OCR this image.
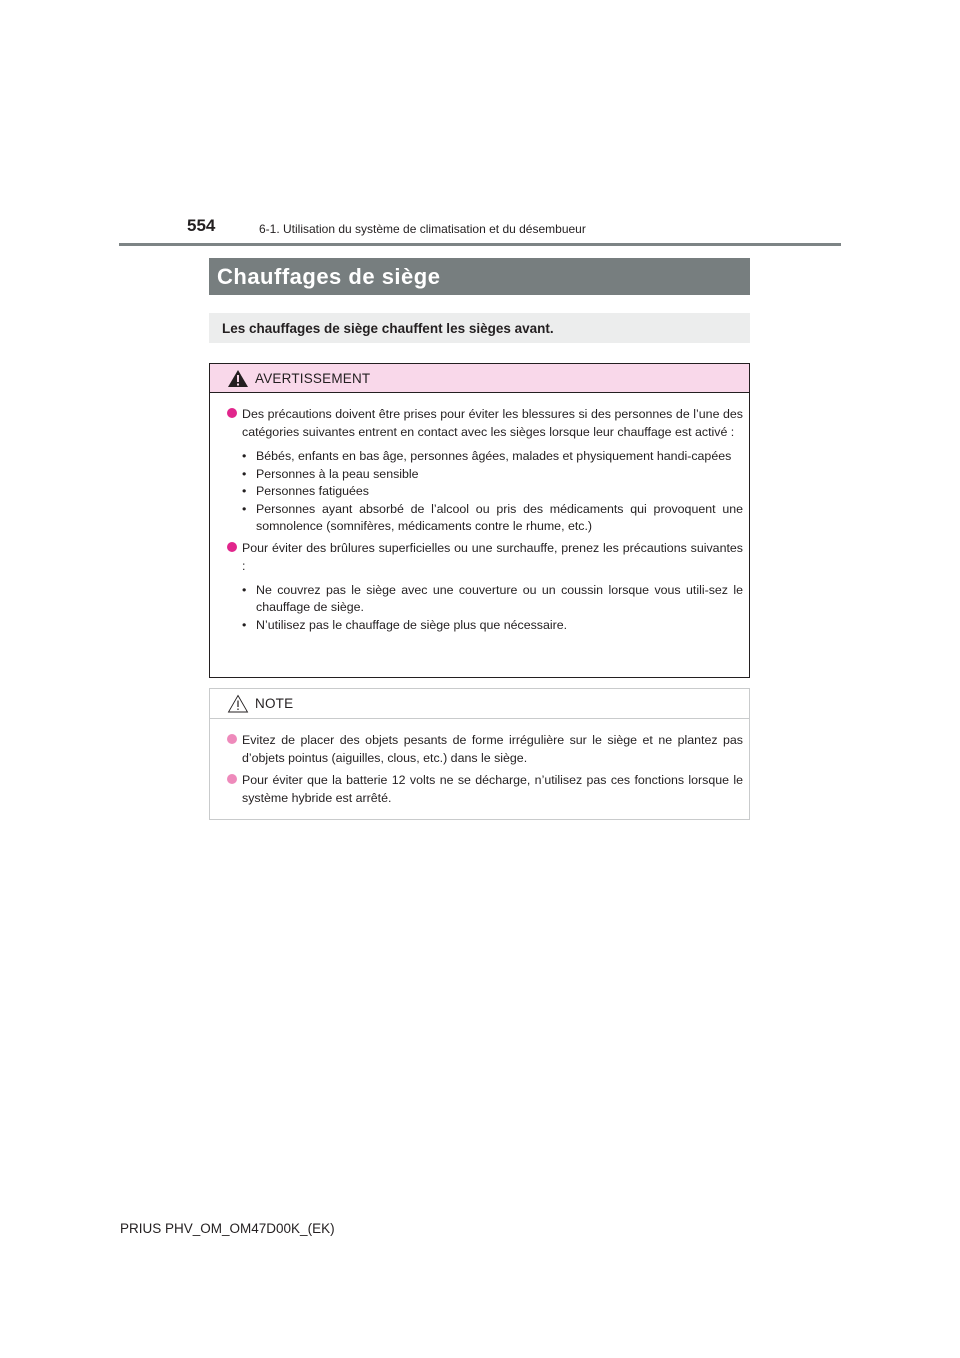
554	6-1. Utilisation du système de climatisation et du désembueur
Chauffages de siège
Les chauffages de siège chauffent les sièges avant.
AVERTISSEMENT
Des précautions doivent être prises pour éviter les blessures si des personnes de l’une des catégories suivantes entrent en contact avec les sièges lorsque leur chauffage est activé :
• Bébés, enfants en bas âge, personnes âgées, malades et physiquement handi-capées
• Personnes à la peau sensible
• Personnes fatiguées
• Personnes ayant absorbé de l’alcool ou pris des médicaments qui provoquent une somnolence (somnifères, médicaments contre le rhume, etc.)
Pour éviter des brûlures superficielles ou une surchauffe, prenez les précautions suivantes :
• Ne couvrez pas le siège avec une couverture ou un coussin lorsque vous utili-sez le chauffage de siège.
• N’utilisez pas le chauffage de siège plus que nécessaire.
NOTE
Evitez de placer des objets pesants de forme irrégulière sur le siège et ne plantez pas d’objets pointus (aiguilles, clous, etc.) dans le siège.
Pour éviter que la batterie 12 volts ne se décharge, n’utilisez pas ces fonctions lorsque le système hybride est arrêté.
PRIUS PHV_OM_OM47D00K_(EK)
